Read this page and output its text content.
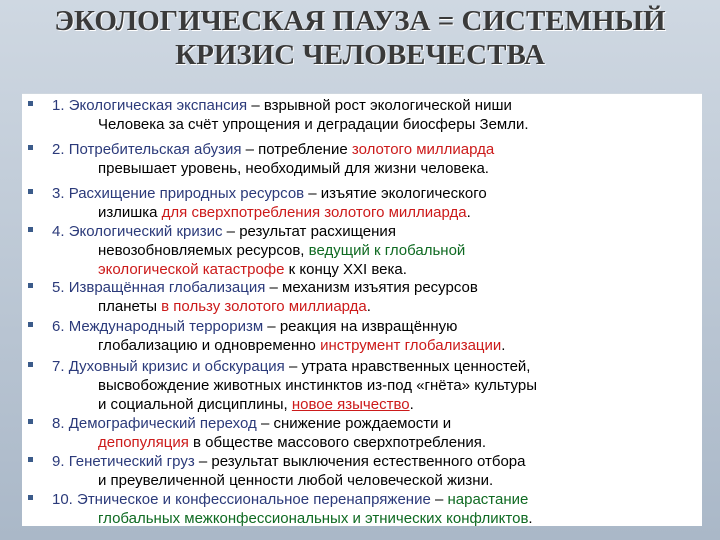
ЭКОЛОГИЧЕСКАЯ ПАУЗА = СИСТЕМНЫЙ
КРИЗИС ЧЕЛОВЕЧЕСТВА
1. Экологическая экспансия – взрывной рост экологической ниши
Человека за счёт упрощения и деградации биосферы Земли.
2. Потребительская абузия – потребление золотого миллиарда
превышает уровень, необходимый для жизни человека.
3. Расхищение природных ресурсов – изъятие экологического
излишка для сверхпотребления золотого миллиарда.
4. Экологический кризис – результат расхищения
невозобновляемых ресурсов, ведущий к глобальной
экологической катастрофе к концу XXI века.
5. Извращённая глобализация – механизм изъятия ресурсов
планеты в пользу золотого миллиарда.
6. Международный терроризм – реакция на извращённую
глобализацию и одновременно инструмент глобализации.
7. Духовный кризис и обскурация – утрата нравственных ценностей,
высвобождение животных инстинктов из-под «гнёта» культуры
и социальной дисциплины, новое язычество.
8. Демографический переход – снижение рождаемости и
депопуляция в обществе массового сверхпотребления.
9. Генетический груз – результат выключения естественного отбора
и преувеличенной ценности любой человеческой жизни.
10. Этническое и конфессиональное перенапряжение – нарастание
глобальных межконфессиональных и этнических конфликтов.
